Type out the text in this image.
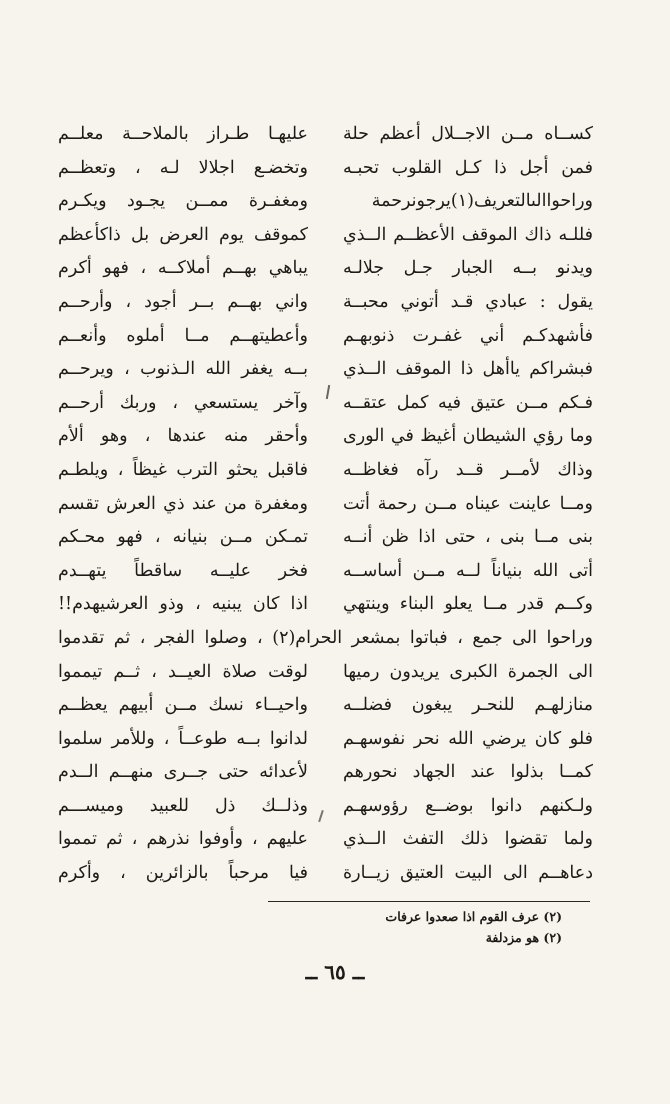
كســاه مــن الاجــلال أعظم حلة
عليهـا طـراز بالملاحــة معلــم
فمن أجل ذا كـل القلوب تحبـه
وتخضـع اجلالا لـه ، وتعظــم
وراحواالىالتعريف(١)يرجونرحمة
ومغفـرة ممــن يجـود ويكـرم
فللـه ذاك الموقف الأعظــم الــذي
كموقف يوم العرض بل ذاكأعظم
ويدنو بــه الجبار جـل جلالـه
يباهي بهــم أملاكــه ، فهو أكرم
يقول : عبادي قـد أتوني محبــة
واني بهــم بــر أجود ، وأرحــم
فأشهدكـم أني غفـرت ذنوبهـم
وأعطيتهــم مــا أملوه وأنعــم
فبشراكم ياأهل ذا الموقف الــذي
بــه يغفر الله الـذنوب ، ويرحــم
فـكم مــن عتيق فيه كمل عتقــه
وآخر يستسعي ، وربك أرحــم
وما رؤي الشيطان أغيظ في الورى
وأحقر منه عندها ، وهو ألأم
وذاك لأمــر قــد رآه فغاظــه
فاقبل يحثو الترب غيظاً ، ويلطـم
ومــا عاينت عيناه مــن رحمة أتت
ومغفرة من عند ذي العرش تقسم
بنى مــا بنى ، حتى اذا ظن أنــه
تمـكن مــن بنيانه ، فهو محـكم
أتى الله بنياناً لــه مــن أساســه
فخر عليــه ساقطاً يتهــدم
وكــم قدر مــا يعلو البناء وينتهي
اذا كان يبنيه ، وذو العرشيهدم!!
وراحوا الى جمع ، فباتوا بمشعر الحرام(٢) ، وصلوا الفجر ، ثم تقدموا
الى الجمرة الكبرى يريدون رميها
لوقت صلاة العيــد ، ثــم تيمموا
منازلهـم للنحـر يبغون فضلــه
واحيــاء نسك مــن أبيهم يعظــم
فلو كان يرضي الله نحر نفوسهـم
لدانوا بــه طوعــاً ، وللأمر سلموا
كمــا بذلوا عند الجهاد نحورهم
لأعدائه حتى جــرى منهــم الــدم
ولـكنهم دانوا بوضــع رؤوسهـم
وذلــك ذل للعبيد وميســـم
ولما تقضوا ذلك التفث الــذي
عليهم ، وأوفوا نذرهم ، ثم تمموا
دعاهــم الى البيت العتيق زيــارة
فيا مرحباً بالزائرين ، وأكرم
(٢) عرف القوم اذا صعدوا عرفات
(٢) هو مزدلفة
ــ ٦٥ ــ
